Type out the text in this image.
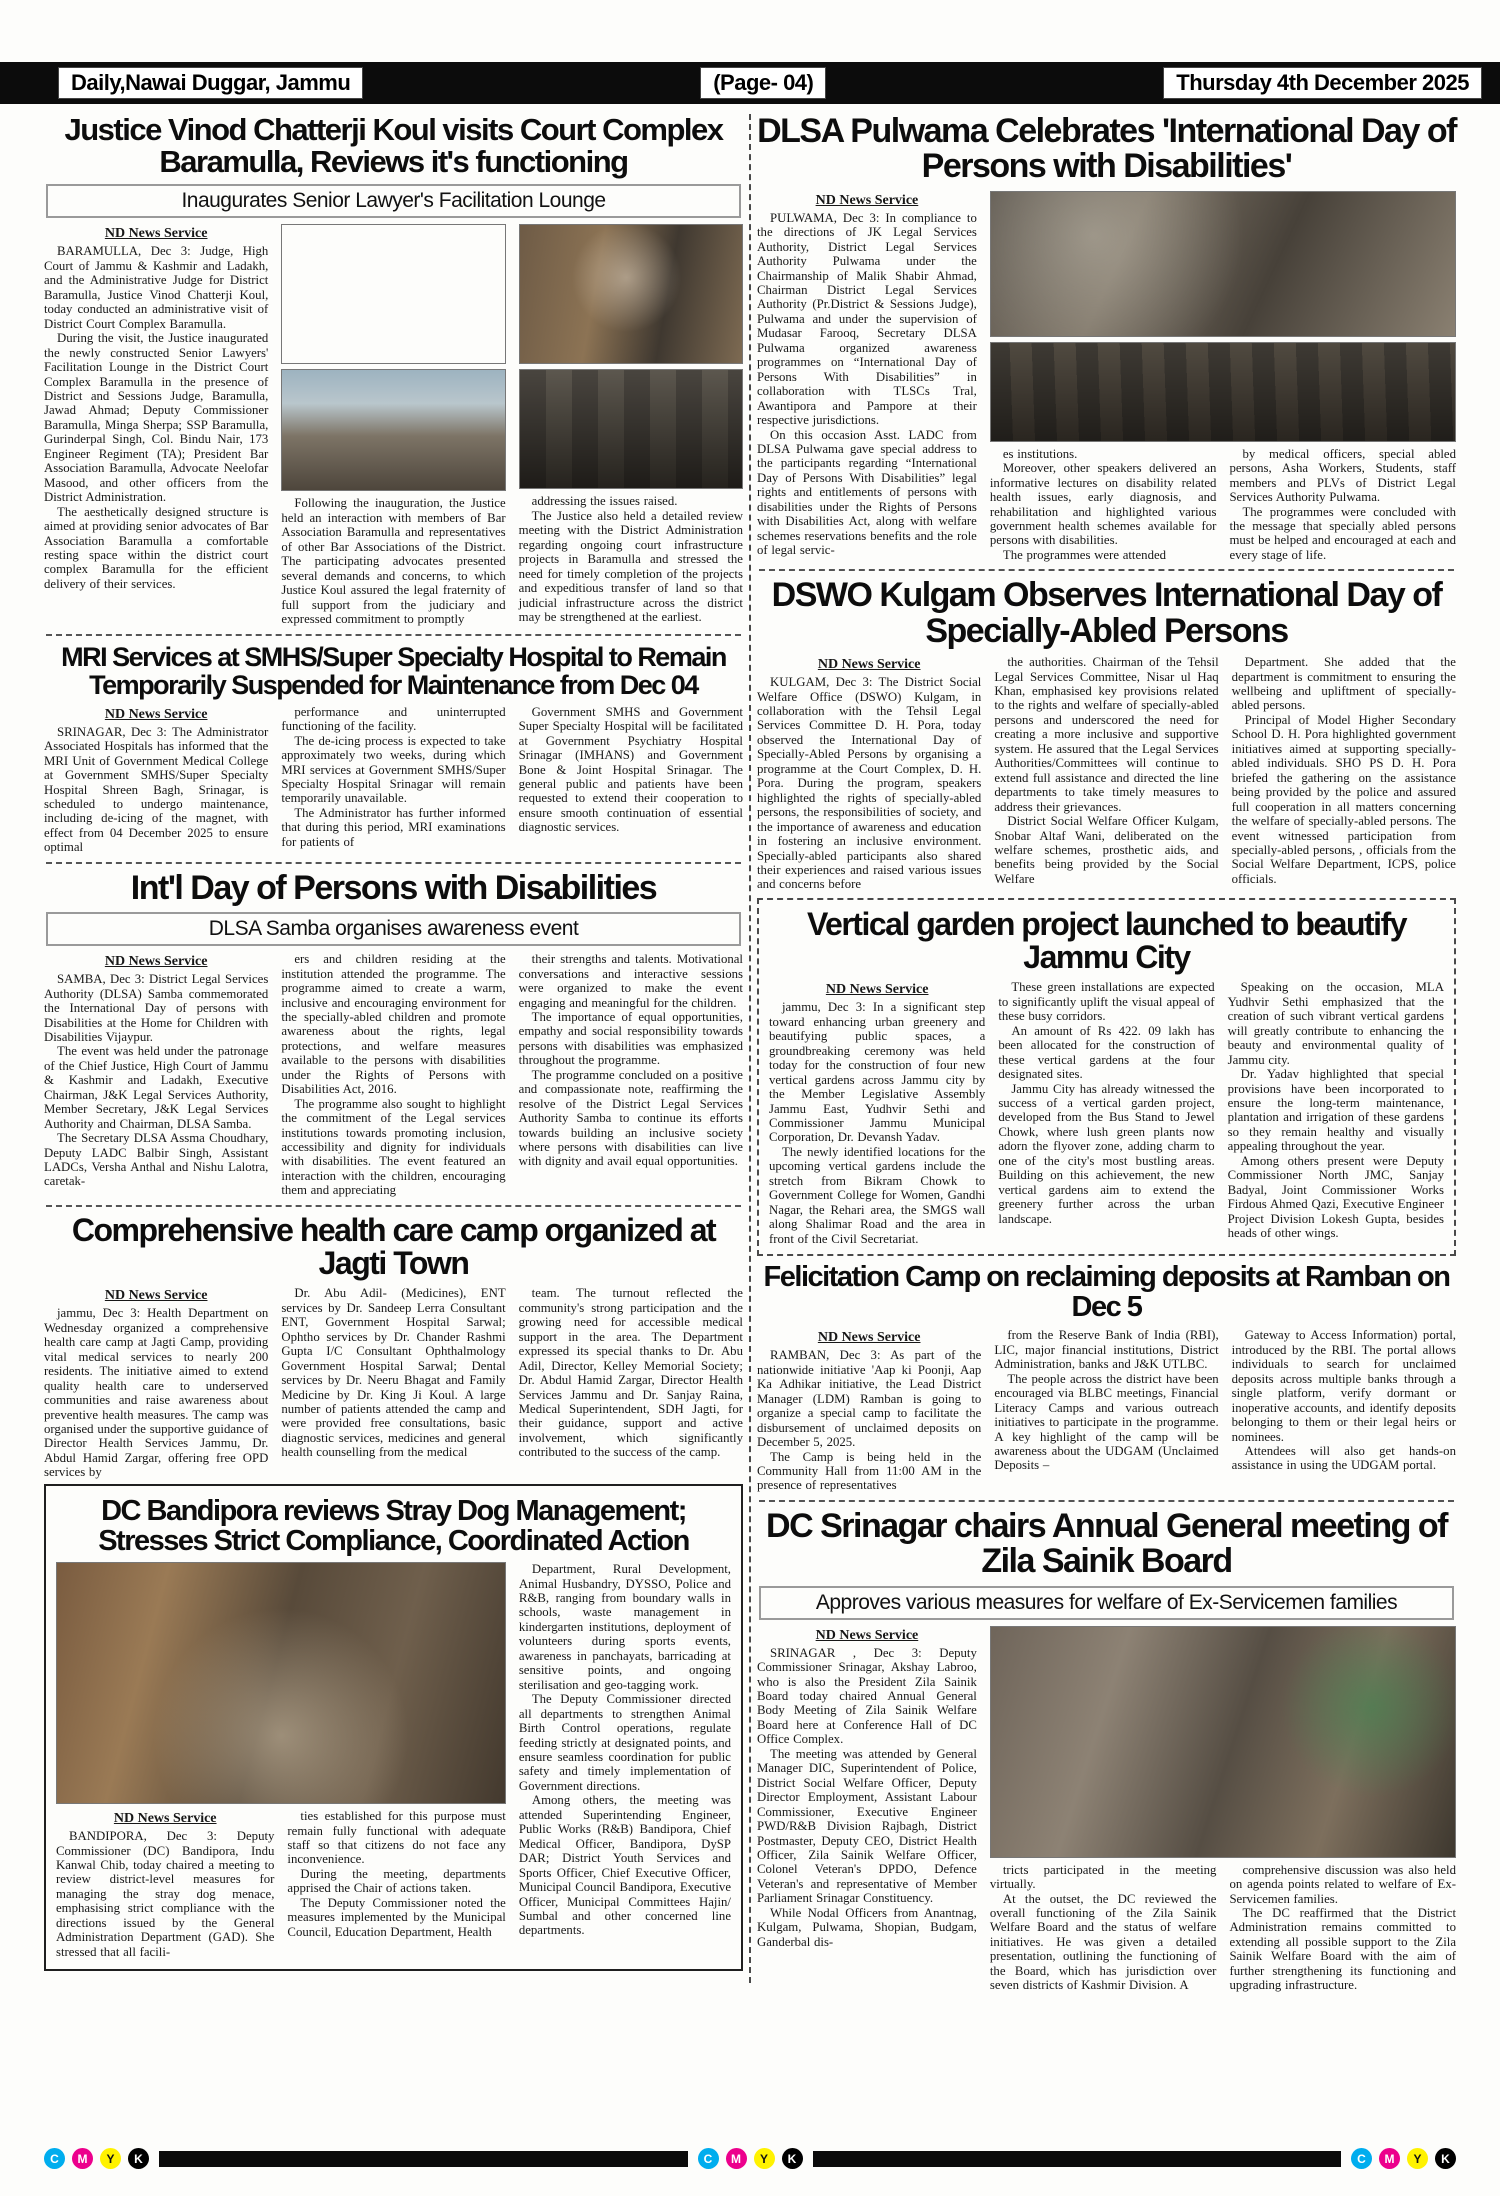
Daily,Nawai Duggar, Jammu	(Page- 04)	Thursday 4th December 2025
Justice Vinod Chatterji Koul visits Court Complex Baramulla, Reviews it's functioning
Inaugurates Senior Lawyer's Facilitation Lounge
ND News Service

BARAMULLA, Dec 3: Judge, High Court of Jammu & Kashmir and Ladakh, and the Administrative Judge for District Baramulla, Justice Vinod Chatterji Koul, today conducted an administrative visit of District Court Complex Baramulla.

During the visit, the Justice inaugurated the newly constructed Senior Lawyers' Facilitation Lounge in the District Court Complex Baramulla in the presence of District and Sessions Judge, Baramulla, Jawad Ahmad; Deputy Commissioner Baramulla, Minga Sherpa; SSP Baramulla, Gurinderpal Singh, Col. Bindu Nair, 173 Engineer Regiment (TA); President Bar Association Baramulla, Advocate Neelofar Masood, and other officers from the District Administration.

The aesthetically designed structure is aimed at providing senior advocates of Bar Association Baramulla a comfortable resting space within the district court complex Baramulla for the efficient delivery of their services.

Following the inauguration, the Justice held an interaction with members of Bar Association Baramulla and representatives of other Bar Associations of the District. The participating advocates presented several demands and concerns, to which Justice Koul assured the legal fraternity of full support from the judiciary and expressed commitment to promptly

addressing the issues raised.

The Justice also held a detailed review meeting with the District Administration regarding ongoing court infrastructure projects in Baramulla and stressed the need for timely completion of the projects and expeditious transfer of land so that judicial infrastructure across the district may be strengthened at the earliest.

MRI Services at SMHS/Super Specialty Hospital to Remain Temporarily Suspended for Maintenance from Dec 04
ND News Service

SRINAGAR, Dec 3: The Administrator Associated Hospitals has informed that the MRI Unit of Government Medical College at Government SMHS/Super Specialty Hospital Shreen Bagh, Srinagar, is scheduled to undergo maintenance, including de-icing of the magnet, with effect from 04 December 2025 to ensure optimal

performance and uninterrupted functioning of the facility.

The de-icing process is expected to take approximately two weeks, during which MRI services at Government SMHS/Super Specialty Hospital Srinagar will remain temporarily unavailable.

The Administrator has further informed that during this period, MRI examinations for patients of

Government SMHS and Government Super Specialty Hospital will be facilitated at Government Psychiatry Hospital Srinagar (IMHANS) and Government Bone & Joint Hospital Srinagar. The general public and patients have been requested to extend their cooperation to ensure smooth continuation of essential diagnostic services.

Int'l Day of Persons with Disabilities
DLSA Samba organises awareness event
ND News Service

SAMBA, Dec 3: District Legal Services Authority (DLSA) Samba commemorated the International Day of persons with Disabilities at the Home for Children with Disabilities Vijaypur.

The event was held under the patronage of the Chief Justice, High Court of Jammu & Kashmir and Ladakh, Executive Chairman, J&K Legal Services Authority, Member Secretary, J&K Legal Services Authority and Chairman, DLSA Samba.

The Secretary DLSA Assma Choudhary, Deputy LADC Balbir Singh, Assistant LADCs, Versha Anthal and Nishu Lalotra, caretak-

ers and children residing at the institution attended the programme. The programme aimed to create a warm, inclusive and encouraging environment for the specially-abled children and promote awareness about the rights, legal protections, and welfare measures available to the persons with disabilities under the Rights of Persons with Disabilities Act, 2016.

The programme also sought to highlight the commitment of the Legal services institutions towards promoting inclusion, accessibility and dignity for individuals with disabilities. The event featured an interaction with the children, encouraging them and appreciating

their strengths and talents. Motivational conversations and interactive sessions were organized to make the event engaging and meaningful for the children.

The importance of equal opportunities, empathy and social responsibility towards persons with disabilities was emphasized throughout the programme.

The programme concluded on a positive and compassionate note, reaffirming the resolve of the District Legal Services Authority Samba to continue its efforts towards building an inclusive society where persons with disabilities can live with dignity and avail equal opportunities.

Comprehensive health care camp organized at Jagti Town
ND News Service

jammu, Dec 3: Health Department on Wednesday organized a comprehensive health care camp at Jagti Camp, providing vital medical services to nearly 200 residents. The initiative aimed to extend quality health care to underserved communities and raise awareness about preventive health measures. The camp was organised under the supportive guidance of Director Health Services Jammu, Dr. Abdul Hamid Zargar, offering free OPD services by

Dr. Abu Adil- (Medicines), ENT services by Dr. Sandeep Lerra Consultant ENT, Government Hospital Sarwal; Ophtho services by Dr. Chander Rashmi Gupta I/C Consultant Ophthalmology Government Hospital Sarwal; Dental services by Dr. Neeru Bhagat and Family Medicine by Dr. King Ji Koul. A large number of patients attended the camp and were provided free consultations, basic diagnostic services, medicines and general health counselling from the medical

team. The turnout reflected the community's strong participation and the growing need for accessible medical support in the area. The Department expressed its special thanks to Dr. Abu Adil, Director, Kelley Memorial Society; Dr. Abdul Hamid Zargar, Director Health Services Jammu and Dr. Sanjay Raina, Medical Superintendent, SDH Jagti, for their guidance, support and active involvement, which significantly contributed to the success of the camp.

DC Bandipora reviews Stray Dog Management; Stresses Strict Compliance, Coordinated Action
ND News Service

BANDIPORA, Dec 3: Deputy Commissioner (DC) Bandipora, Indu Kanwal Chib, today chaired a meeting to review district-level measures for managing the stray dog menace, emphasising strict compliance with the directions issued by the General Administration Department (GAD). She stressed that all facili-

ties established for this purpose must remain fully functional with adequate staff so that citizens do not face any inconvenience.

During the meeting, departments apprised the Chair of actions taken.

The Deputy Commissioner noted the measures implemented by the Municipal Council, Education Department, Health

Department, Rural Development, Animal Husbandry, DYSSO, Police and R&B, ranging from boundary walls in schools, waste management in kindergarten institutions, deployment of volunteers during sports events, awareness in panchayats, barricading at sensitive points, and ongoing sterilisation and geo-tagging work.

The Deputy Commissioner directed all departments to strengthen Animal Birth Control operations, regulate feeding strictly at designated points, and ensure seamless coordination for public safety and timely implementation of Government directions.

Among others, the meeting was attended Superintending Engineer, Public Works (R&B) Bandipora, Chief Medical Officer, Bandipora, DySP DAR; District Youth Services and Sports Officer, Chief Executive Officer, Municipal Council Bandipora, Executive Officer, Municipal Committees Hajin/ Sumbal and other concerned line departments.

DLSA Pulwama Celebrates 'International Day of Persons with Disabilities'
ND News Service

PULWAMA, Dec 3: In compliance to the directions of JK Legal Services Authority, District Legal Services Authority Pulwama under the Chairmanship of Malik Shabir Ahmad, Chairman District Legal Services Authority (Pr.District & Sessions Judge), Pulwama and under the supervision of Mudasar Farooq, Secretary DLSA Pulwama organized awareness programmes on “International Day of Persons With Disabilities” in collaboration with TLSCs Tral, Awantipora and Pampore at their respective jurisdictions.

On this occasion Asst. LADC from DLSA Pulwama gave special address to the participants regarding “International Day of Persons With Disabilities” legal rights and entitlements of persons with disabilities under the Rights of Persons with Disabilities Act, along with welfare schemes reservations benefits and the role of legal servic-

es institutions.

Moreover, other speakers delivered an informative lectures on disability related health issues, early diagnosis, and rehabilitation and highlighted various government health schemes available for persons with disabilities.

The programmes were attended

by medical officers, special abled persons, Asha Workers, Students, staff members and PLVs of District Legal Services Authority Pulwama.

The programmes were concluded with the message that specially abled persons must be helped and encouraged at each and every stage of life.

DSWO Kulgam Observes International Day of Specially-Abled Persons
ND News Service

KULGAM, Dec 3: The District Social Welfare Office (DSWO) Kulgam, in collaboration with the Tehsil Legal Services Committee D. H. Pora, today observed the International Day of Specially-Abled Persons by organising a programme at the Court Complex, D. H. Pora. During the program, speakers highlighted the rights of specially-abled persons, the responsibilities of society, and the importance of awareness and education in fostering an inclusive environment. Specially-abled participants also shared their experiences and raised various issues and concerns before

the authorities. Chairman of the Tehsil Legal Services Committee, Nisar ul Haq Khan, emphasised key provisions related to the rights and welfare of specially-abled persons and underscored the need for creating a more inclusive and supportive system. He assured that the Legal Services Authorities/Committees will continue to extend full assistance and directed the line departments to take timely measures to address their grievances.

District Social Welfare Officer Kulgam, Snobar Altaf Wani, deliberated on the welfare schemes, prosthetic aids, and benefits being provided by the Social Welfare

Department. She added that the department is commitment to ensuring the wellbeing and upliftment of specially-abled persons.

Principal of Model Higher Secondary School D. H. Pora highlighted government initiatives aimed at supporting specially-abled individuals. SHO PS D. H. Pora briefed the gathering on the assistance being provided by the police and assured full cooperation in all matters concerning the welfare of specially-abled persons. The event witnessed participation from specially-abled persons, , officials from the Social Welfare Department, ICPS, police officials.

Vertical garden project launched to beautify Jammu City
ND News Service

jammu, Dec 3: In a significant step toward enhancing urban greenery and beautifying public spaces, a groundbreaking ceremony was held today for the construction of four new vertical gardens across Jammu city by the Member Legislative Assembly Jammu East, Yudhvir Sethi and Commissioner Jammu Municipal Corporation, Dr. Devansh Yadav.

The newly identified locations for the upcoming vertical gardens include the stretch from Bikram Chowk to Government College for Women, Gandhi Nagar, the Rehari area, the SMGS wall along Shalimar Road and the area in front of the Civil Secretariat.

These green installations are expected to significantly uplift the visual appeal of these busy corridors.

An amount of Rs 422. 09 lakh has been allocated for the construction of these vertical gardens at the four designated sites.

Jammu City has already witnessed the success of a vertical garden project, developed from the Bus Stand to Jewel Chowk, where lush green plants now adorn the flyover zone, adding charm to one of the city's most bustling areas. Building on this achievement, the new vertical gardens aim to extend the greenery further across the urban landscape.

Speaking on the occasion, MLA Yudhvir Sethi emphasized that the creation of such vibrant vertical gardens will greatly contribute to enhancing the beauty and environmental quality of Jammu city.

Dr. Yadav highlighted that special provisions have been incorporated to ensure the long-term maintenance, plantation and irrigation of these gardens so they remain healthy and visually appealing throughout the year.

Among others present were Deputy Commissioner North JMC, Sanjay Badyal, Joint Commissioner Works Firdous Ahmed Qazi, Executive Engineer Project Division Lokesh Gupta, besides heads of other wings.

Felicitation Camp on reclaiming deposits at Ramban on Dec 5
ND News Service

RAMBAN, Dec 3: As part of the nationwide initiative 'Aap ki Poonji, Aap Ka Adhikar initiative, the Lead District Manager (LDM) Ramban is going to organize a special camp to facilitate the disbursement of unclaimed deposits on December 5, 2025.

The Camp is being held in the Community Hall from 11:00 AM in the presence of representatives

from the Reserve Bank of India (RBI), LIC, major financial institutions, District Administration, banks and J&K UTLBC.

The people across the district have been encouraged via BLBC meetings, Financial Literacy Camps and various outreach initiatives to participate in the programme. A key highlight of the camp will be awareness about the UDGAM (Unclaimed Deposits –

Gateway to Access Information) portal, introduced by the RBI. The portal allows individuals to search for unclaimed deposits across multiple banks through a single platform, verify dormant or inoperative accounts, and identify deposits belonging to them or their legal heirs or nominees.

Attendees will also get hands-on assistance in using the UDGAM portal.

DC Srinagar chairs Annual General meeting of Zila Sainik Board
Approves various measures for welfare of Ex-Servicemen families
ND News Service

SRINAGAR , Dec 3: Deputy Commissioner Srinagar, Akshay Labroo, who is also the President Zila Sainik Board today chaired Annual General Body Meeting of Zila Sainik Welfare Board here at Conference Hall of DC Office Complex.

The meeting was attended by General Manager DIC, Superintendent of Police, District Social Welfare Officer, Deputy Director Employment, Assistant Labour Commissioner, Executive Engineer PWD/R&B Division Rajbagh, District Postmaster, Deputy CEO, District Health Officer, Zila Sainik Welfare Officer, Colonel Veteran's DPDO, Defence Veteran's and representative of Member Parliament Srinagar Constituency.

While Nodal Officers from Anantnag, Kulgam, Pulwama, Shopian, Budgam, Ganderbal dis-

tricts participated in the meeting virtually.

At the outset, the DC reviewed the overall functioning of the Zila Sainik Welfare Board and the status of welfare initiatives. He was given a detailed presentation, outlining the functioning of the Board, which has jurisdiction over seven districts of Kashmir Division. A

comprehensive discussion was also held on agenda points related to welfare of Ex-Servicemen families.

The DC reaffirmed that the District Administration remains committed to extending all possible support to the Zila Sainik Welfare Board with the aim of further strengthening its functioning and upgrading infrastructure.

C	M	Y	K	C	M	Y	K	C	M	Y	K
